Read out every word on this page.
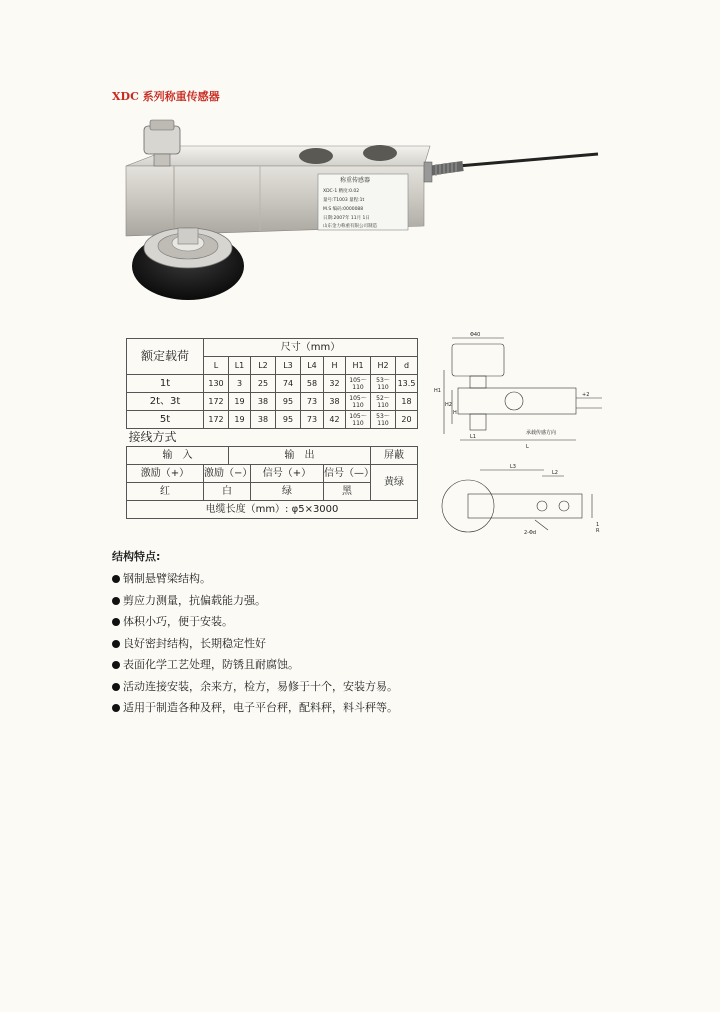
XDC 系列称重传感器
称重传感器
XDC-1 精度:0.02
量号:T1003 量程:1t
M.S 编码:0000088
日期:2007年 11月 1日
山东金力称重有限公司制造
额定载荷	尺寸（mm）								
	L	L1	L2	L3	L4	H	H1	H2	d
1t	130	3	25	74	58	32	105～110	53～110	13.5
2t、3t	172	19	38	95	73	38	105～110	52～110	18
5t	172	19	38	95	73	42	105～110	53～110	20
接线方式									
输　入		输　出						屏蔽	
激励（+）	激励（−）		信号（+）			信号（—）		黄绿	
红	白		绿			黑			
电缆长度（mm）: φ5×3000									
Φ40
H1
H2
H
L1
L
+2
承载传感方向
L3
L2
2-Φd	R
1
结构特点:
钢制悬臂梁结构。
剪应力测量，抗偏载能力强。
体积小巧，便于安装。
良好密封结构，长期稳定性好
表面化学工艺处理，防锈且耐腐蚀。
活动连接安装，余来方，检方，易修于十个，安装方易。
适用于制造各种及秤，电子平台秤，配料秤，料斗秤等。
